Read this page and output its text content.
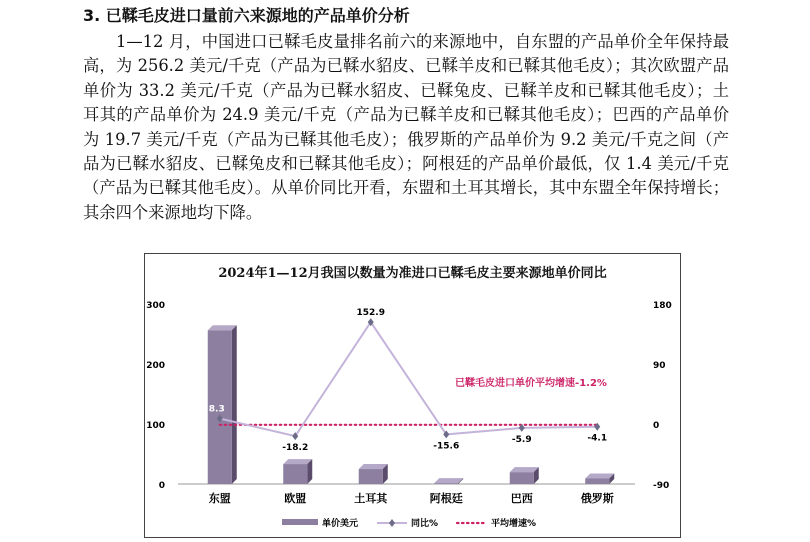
3. 已鞣毛皮进口量前六来源地的产品单价分析

1—12 月，中国进口已鞣毛皮量排名前六的来源地中，自东盟的产品单价全年保持最高，为 256.2 美元/千克（产品为已鞣水貂皮、已鞣羊皮和已鞣其他毛皮）；其次欧盟产品单价为 33.2 美元/千克（产品为已鞣水貂皮、已鞣兔皮、已鞣羊皮和已鞣其他毛皮）；土耳其的产品单价为 24.9 美元/千克（产品为已鞣羊皮和已鞣其他毛皮）；巴西的产品单价为 19.7 美元/千克（产品为已鞣其他毛皮）；俄罗斯的产品单价为 9.2 美元/千克之间（产品为已鞣水貂皮、已鞣兔皮和已鞣其他毛皮）；阿根廷的产品单价最低，仅 1.4 美元/千克（产品为已鞣其他毛皮）。从单价同比开看，东盟和土耳其增长，其中东盟全年保持增长；其余四个来源地均下降。

2024年1—12月我国以数量为准进口已鞣毛皮主要来源地单价同比
0
100
200
300
-90
0
90
180
8.3
-18.2
152.9
-15.6
-5.9	-4.1
已鞣毛皮进口单价平均增速-1.2%
东盟	欧盟	土耳其	阿根廷	巴西	俄罗斯
单价美元	同比%	平均增速%
